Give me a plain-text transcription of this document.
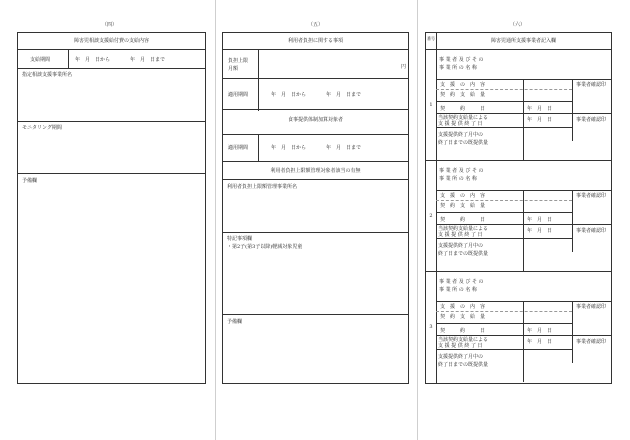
（四）	（五）	（六）
障害児相談支援給付費の支給内容
支給期間	年　月　日から　　　　年　月　日まで
指定相談支援事業所名
モニタリング期間
予備欄
利用者負担に関する事項
負担上限
月額	円
適用期間	年　月　日から　　　　年　月　日まで
食事提供体制加算対象者
適用期間	年　月　日から　　　　年　月　日まで
利用者負担上限額管理対象者該当の有無
利用者負担上限額管理事業所名
特記事項欄
・第2子(第3子以降)軽減対象児童
予備欄
番号	障害児通所支援事業者記入欄
1
事 業 者 及 び そ の
事 業 所 の 名 称
支　援　の　内　容	事業者確認印
契　約　支　給　量
契　　　約　　　日	年　月　日
当該契約支給量による
支 援 提 供 終 了 日
年　月　日	事業者確認印
支援提供終了月中の
終了日までの既提供量
2
事 業 者 及 び そ の
事 業 所 の 名 称
支　援　の　内　容	事業者確認印
契　約　支　給　量
契　　　約　　　日	年　月　日
当該契約支給量による
支 援 提 供 終 了 日
年　月　日	事業者確認印
支援提供終了月中の
終了日までの既提供量
3
事 業 者 及 び そ の
事 業 所 の 名 称
支　援　の　内　容	事業者確認印
契　約　支　給　量
契　　　約　　　日	年　月　日
当該契約支給量による
支 援 提 供 終 了 日
年　月　日	事業者確認印
支援提供終了月中の
終了日までの既提供量
